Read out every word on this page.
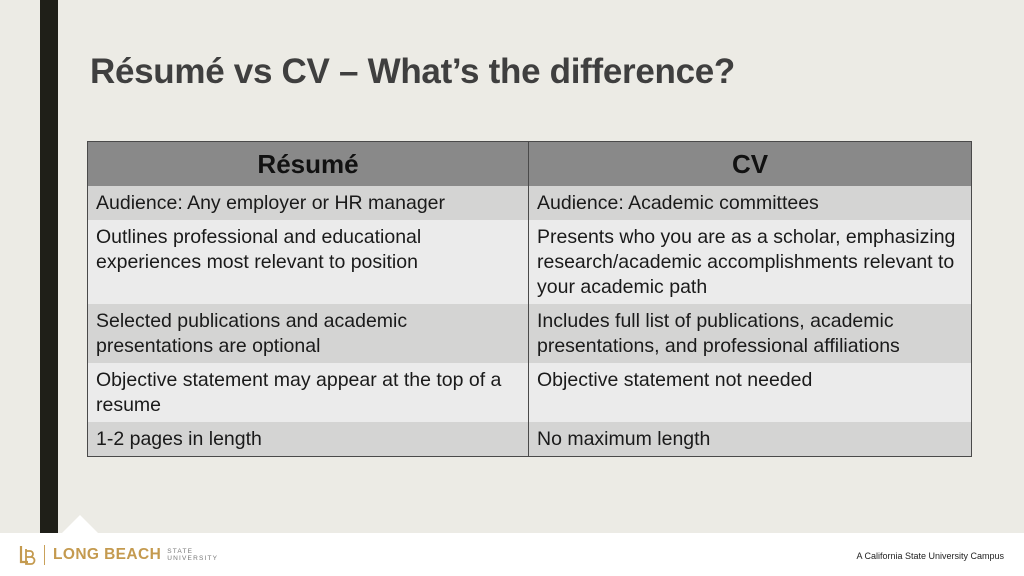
Résumé vs CV – What’s the difference?
Résumé	CV
Audience: Any employer or HR manager	Audience: Academic committees
Outlines professional and educational experiences most relevant to position	Presents who you are as a scholar, emphasizing research/academic accomplishments relevant to your academic path
Selected publications and academic presentations are optional	Includes full list of publications, academic presentations, and professional affiliations
Objective statement may appear at the top of a resume	Objective statement not needed
1-2 pages in length	No maximum length
LONG BEACH STATE
UNIVERSITY	A California State University Campus
